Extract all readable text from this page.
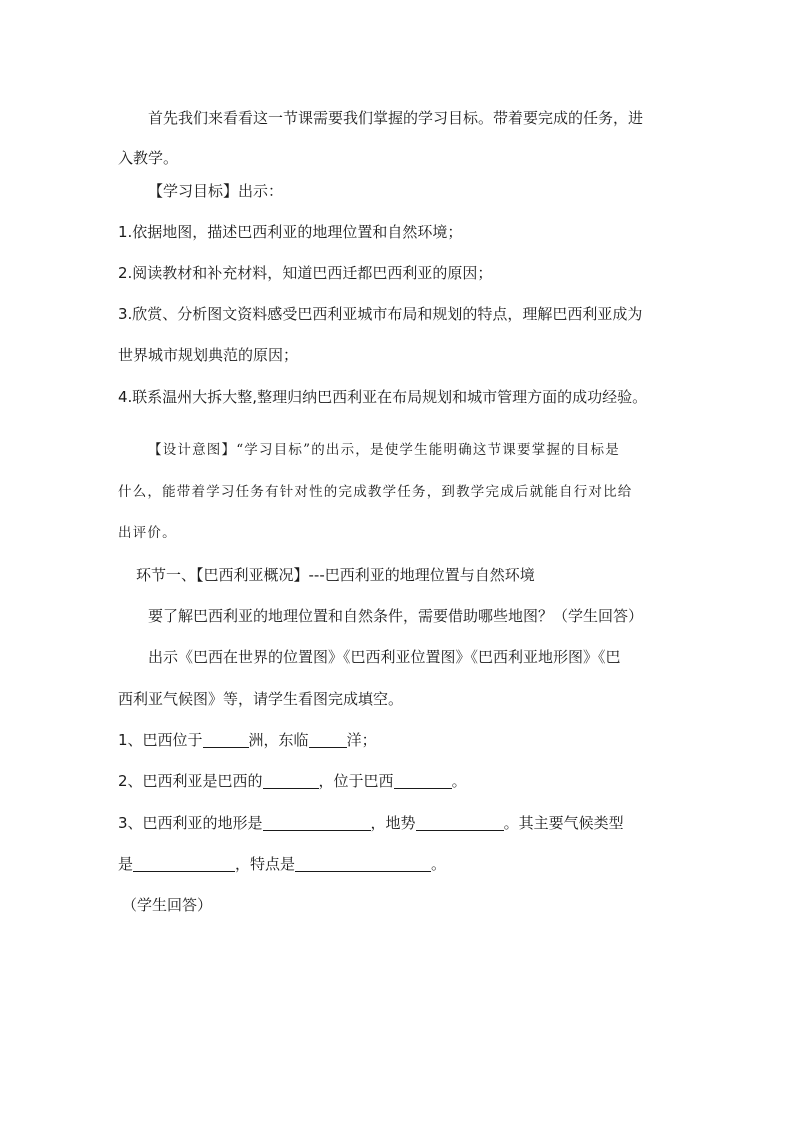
首先我们来看看这一节课需要我们掌握的学习目标。带着要完成的任务，进
入教学。
【学习目标】出示：
1.依据地图，描述巴西利亚的地理位置和自然环境；
2.阅读教材和补充材料，知道巴西迁都巴西利亚的原因；
3.欣赏、分析图文资料感受巴西利亚城市布局和规划的特点，理解巴西利亚成为
世界城市规划典范的原因；
4.联系温州大拆大整,整理归纳巴西利亚在布局规划和城市管理方面的成功经验。
【设计意图】“学习目标”的出示，是使学生能明确这节课要掌握的目标是
什么，能带着学习任务有针对性的完成教学任务，到教学完成后就能自行对比给
出评价。
环节一、【巴西利亚概况】---巴西利亚的地理位置与自然环境
要了解巴西利亚的地理位置和自然条件，需要借助哪些地图？（学生回答）
出示《巴西在世界的位置图》《巴西利亚位置图》《巴西利亚地形图》《巴
西利亚气候图》等，请学生看图完成填空。
1、巴西位于	洲，东临	洋；
2、巴西利亚是巴西的	，位于巴西	。
3、巴西利亚的地形是	，地势	。其主要气候类型
是	，特点是	。
（学生回答）
